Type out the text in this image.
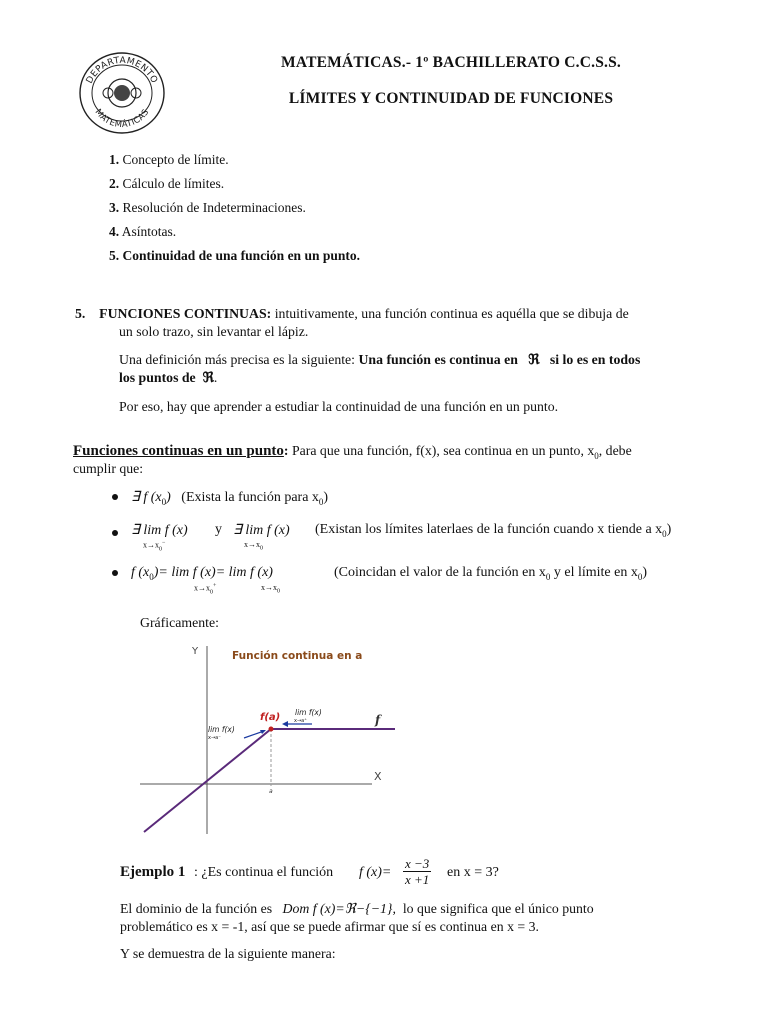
DEPARTAMENTO
MATEMÁTICAS
MATEMÁTICAS.- 1º BACHILLERATO C.C.S.S.
LÍMITES Y CONTINUIDAD DE FUNCIONES
1. Concepto de límite.
2. Cálculo de límites.
3. Resolución de Indeterminaciones.
4. Asíntotas.
5. Continuidad de una función en un punto.
5. FUNCIONES CONTINUAS: intuitivamente, una función continua es aquélla que se dibuja de
un solo trazo, sin levantar el lápiz.
Una definición más precisa es la siguiente: Una función es continua en ℜ si lo es en todos
los puntos de ℜ.
Por eso, hay que aprender a estudiar la continuidad de una función en un punto.
Funciones continuas en un punto: Para que una función, f(x), sea continua en un punto, $x_0$, debe
cumplir que:
∃ f $(x_0)$ (Exista la función para $x_0$)
∃ lim f (x)
$x\to x_0^-$
y ∃ lim f (x)
$x\to x_0$
(Existan los límites laterlaes de la función cuando x tiende a $x_0$)
f $(x_0)= \lim f$ (x)= lim f (x)
$x\to x_0^+$	$x\to x_0$
(Coincidan el valor de la función en $x_0$ y el límite en $x_0$)
Gráficamente:
Y
X
Función continua en a
a
f(a)	f
lim f(x)
x→a⁻
lim f(x)
x→a⁺
Ejemplo 1 : ¿Es continua el función f $(x)= \frac{x -3}{x +1}$ en x = 3?
El dominio de la función es Dom f (x)=ℜ−{−1}, lo que significa que el único punto
problemático es x = -1, así que se puede afirmar que sí es continua en x = 3.
Y se demuestra de la siguiente manera:
